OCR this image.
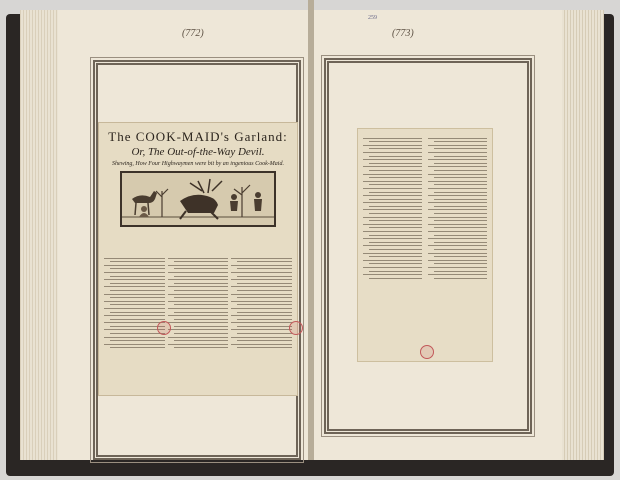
(772)	(773)
259
The COOK-MAID's Garland:
Or, The Out-of-the-Way Devil.
Shewing, How Four Highwaymen were bit by an ingenious Cook-Maid.
